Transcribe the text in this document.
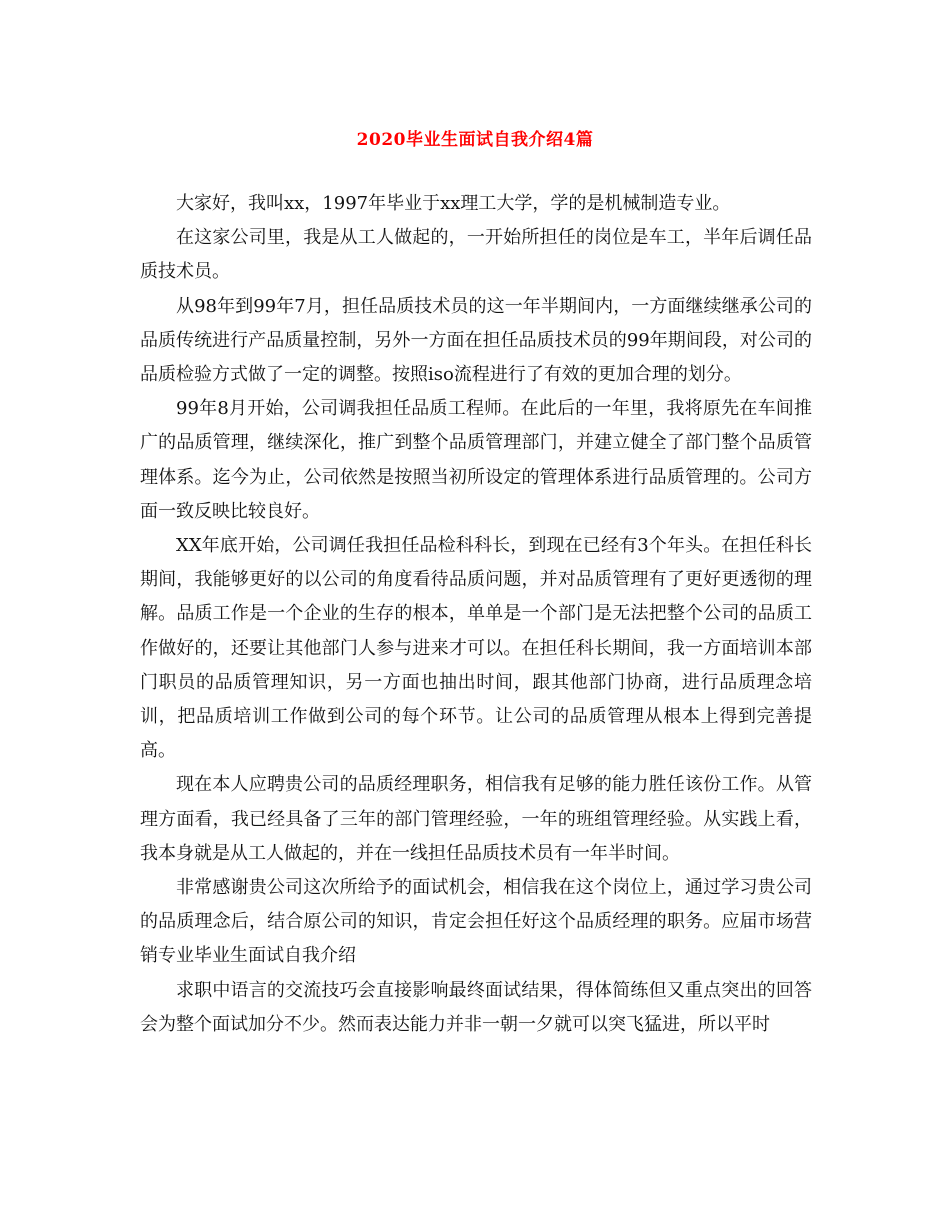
2020毕业生面试自我介绍4篇

大家好，我叫xx，1997年毕业于xx理工大学，学的是机械制造专业。

在这家公司里，我是从工人做起的，一开始所担任的岗位是车工，半年后调任品质技术员。

从98年到99年7月，担任品质技术员的这一年半期间内，一方面继续继承公司的品质传统进行产品质量控制，另外一方面在担任品质技术员的99年期间段，对公司的品质检验方式做了一定的调整。按照iso流程进行了有效的更加合理的划分。

99年8月开始，公司调我担任品质工程师。在此后的一年里，我将原先在车间推广的品质管理，继续深化，推广到整个品质管理部门，并建立健全了部门整个品质管理体系。迄今为止，公司依然是按照当初所设定的管理体系进行品质管理的。公司方面一致反映比较良好。

XX年底开始，公司调任我担任品检科科长，到现在已经有3个年头。在担任科长期间，我能够更好的以公司的角度看待品质问题，并对品质管理有了更好更透彻的理解。品质工作是一个企业的生存的根本，单单是一个部门是无法把整个公司的品质工作做好的，还要让其他部门人参与进来才可以。在担任科长期间，我一方面培训本部门职员的品质管理知识，另一方面也抽出时间，跟其他部门协商，进行品质理念培训，把品质培训工作做到公司的每个环节。让公司的品质管理从根本上得到完善提高。

现在本人应聘贵公司的品质经理职务，相信我有足够的能力胜任该份工作。从管理方面看，我已经具备了三年的部门管理经验，一年的班组管理经验。从实践上看，我本身就是从工人做起的，并在一线担任品质技术员有一年半时间。

非常感谢贵公司这次所给予的面试机会，相信我在这个岗位上，通过学习贵公司的品质理念后，结合原公司的知识，肯定会担任好这个品质经理的职务。应届市场营销专业毕业生面试自我介绍

求职中语言的交流技巧会直接影响最终面试结果，得体简练但又重点突出的回答会为整个面试加分不少。然而表达能力并非一朝一夕就可以突飞猛进，所以平时
